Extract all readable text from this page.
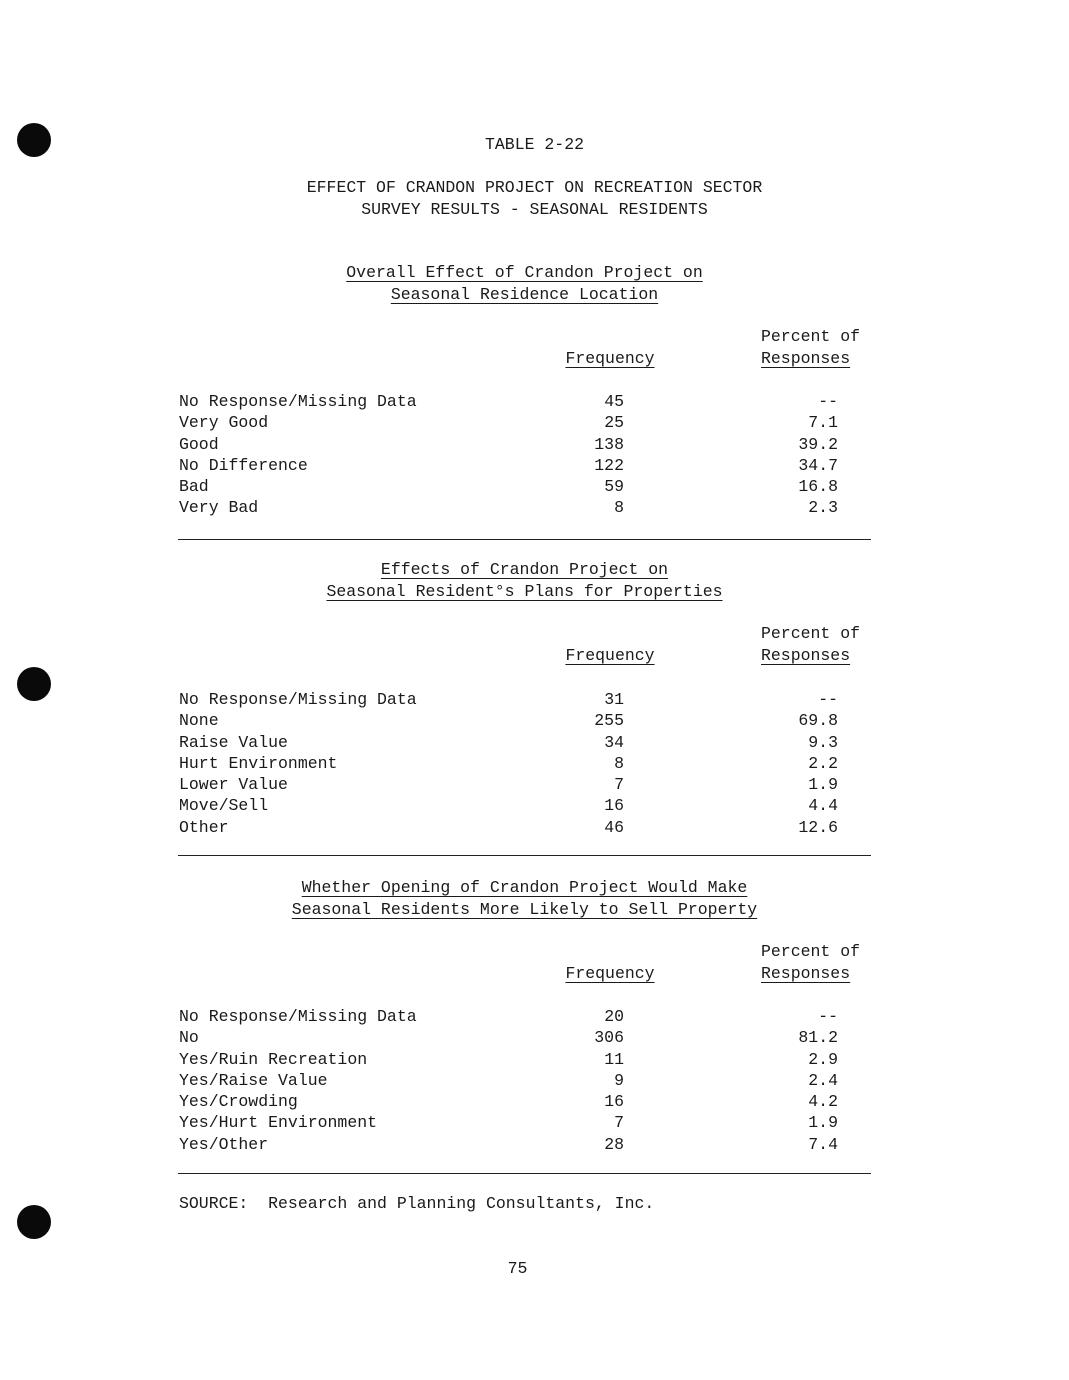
TABLE 2-22
EFFECT OF CRANDON PROJECT ON RECREATION SECTOR
SURVEY RESULTS - SEASONAL RESIDENTS
Overall Effect of Crandon Project on
Seasonal Residence Location
Frequency
Percent of
Responses
No Response/Missing Data	45	--
Very Good	25	7.1
Good	138	39.2
No Difference	122	34.7
Bad	59	16.8
Very Bad	8	2.3
Effects of Crandon Project on
Seasonal Resident°s Plans for Properties
Frequency
Percent of
Responses
No Response/Missing Data	31	--
None	255	69.8
Raise Value	34	9.3
Hurt Environment	8	2.2
Lower Value	7	1.9
Move/Sell	16	4.4
Other	46	12.6
Whether Opening of Crandon Project Would Make
Seasonal Residents More Likely to Sell Property
Frequency
Percent of
Responses
No Response/Missing Data	20	--
No	306	81.2
Yes/Ruin Recreation	11	2.9
Yes/Raise Value	9	2.4
Yes/Crowding	16	4.2
Yes/Hurt Environment	7	1.9
Yes/Other	28	7.4
SOURCE: Research and Planning Consultants, Inc.
75
